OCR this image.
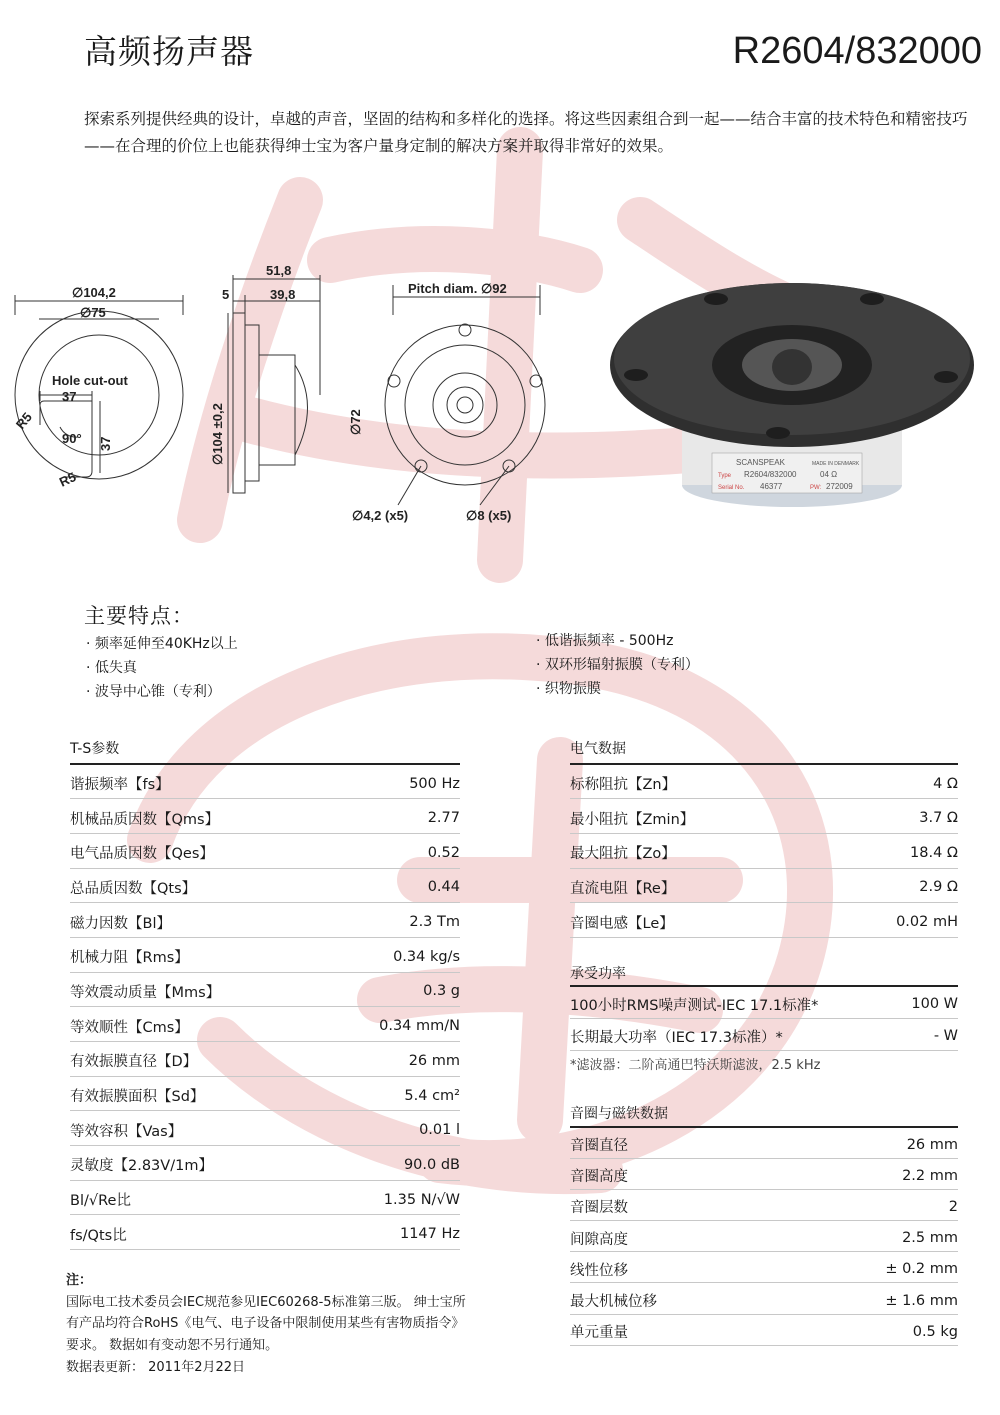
高频扬声器	R2604/832000

探索系列提供经典的设计，卓越的声音，坚固的结构和多样化的选择。将这些因素组合到一起——结合丰富的技术特色和精密技巧——在合理的价位上也能获得绅士宝为客户量身定制的解决方案并取得非常好的效果。

∅104,2
∅75
Hole cut-out
37
90° 37
R5
R5
51,8
5	39,8
∅104 ±0,2
Pitch diam. ∅92
∅72
∅4,2 (x5)	∅8 (x5)
SCANSPEAK	MADE IN DENMARK
Type R2604/832000	04 Ω
Serial No. 46377	PW: 272009
主要特点：
· 频率延伸至40KHz以上
· 低失真
· 波导中心锥（专利）
· 低谐振频率 - 500Hz
· 双环形辐射振膜（专利）
· 织物振膜
T-S参数
谐振频率【fs】	500 Hz
机械品质因数【Qms】	2.77
电气品质因数【Qes】	0.52
总品质因数【Qts】	0.44
磁力因数【Bl】	2.3 Tm
机械力阻【Rms】	0.34 kg/s
等效震动质量【Mms】	0.3 g
等效顺性【Cms】	0.34 mm/N
有效振膜直径【D】	26 mm
有效振膜面积【Sd】	5.4 cm²
等效容积【Vas】	0.01 l
灵敏度【2.83V/1m】	90.0 dB
Bl/√Re比	1.35 N/√W
fs/Qts比	1147 Hz
电气数据
标称阻抗【Zn】	4 Ω
最小阻抗【Zmin】	3.7 Ω
最大阻抗【Zo】	18.4 Ω
直流电阻【Re】	2.9 Ω
音圈电感【Le】	0.02 mH
承受功率
100小时RMS噪声测试-IEC 17.1标准*	100 W
长期最大功率（IEC 17.3标准）*	- W
*滤波器：二阶高通巴特沃斯滤波，2.5 kHz
音圈与磁铁数据
音圈直径	26 mm
音圈高度	2.2 mm
音圈层数	2
间隙高度	2.5 mm
线性位移	± 0.2 mm
最大机械位移	± 1.6 mm
单元重量	0.5 kg
注：
国际电工技术委员会IEC规范参见IEC60268-5标准第三版。 绅士宝所有产品均符合RoHS《电气、电子设备中限制使用某些有害物质指令》要求。 数据如有变动恕不另行通知。
数据表更新： 2011年2月22日
